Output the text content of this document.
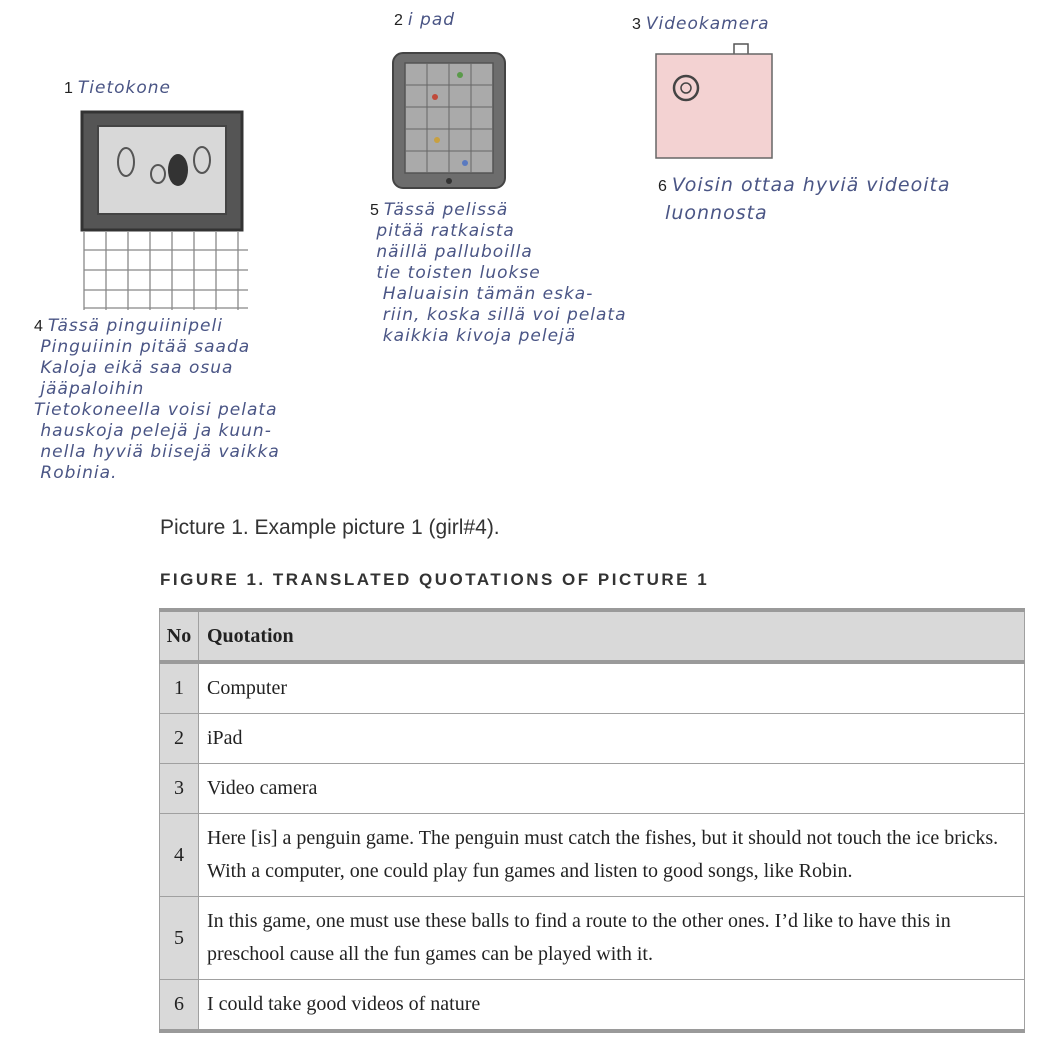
1 Tietokone
2 i pad	3 Videokamera
4 Tässä pinguiinipeli
Pinguiinin pitää saada
Kaloja eikä saa osua
jääpaloihin
Tietokoneella voisi pelata
hauskoja pelejä ja kuun-
nella hyviä biisejä vaikka
Robinia.
5 Tässä pelissä
pitää ratkaista
näillä palluboilla
tie toisten luokse
Haluaisin tämän eska-
riin, koska sillä voi pelata
kaikkia kivoja pelejä
6 Voisin ottaa hyviä videoita
luonnosta
Picture 1. Example picture 1 (girl#4).
FIGURE 1. TRANSLATED QUOTATIONS OF PICTURE 1
No	Quotation
1	Computer
2	iPad
3	Video camera
4	Here [is] a penguin game. The penguin must catch the fishes, but it should not touch the ice bricks. With a computer, one could play fun games and listen to good songs, like Robin.
5	In this game, one must use these balls to find a route to the other ones. I’d like to have this in preschool cause all the fun games can be played with it.
6	I could take good videos of nature
